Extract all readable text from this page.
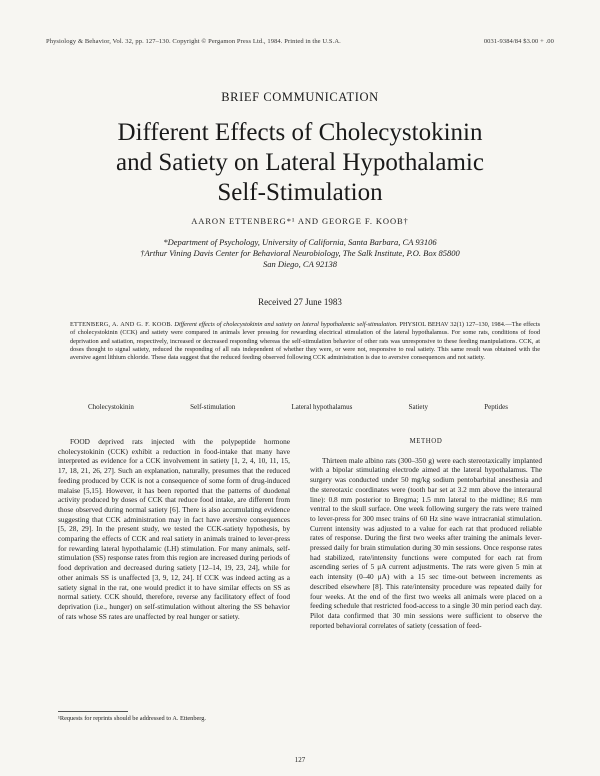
Physiology & Behavior, Vol. 32, pp. 127–130. Copyright © Pergamon Press Ltd., 1984. Printed in the U.S.A.	0031-9384/84 $3.00 + .00
BRIEF COMMUNICATION
Different Effects of Cholecystokinin
and Satiety on Lateral Hypothalamic
Self-Stimulation
AARON ETTENBERG*¹ AND GEORGE F. KOOB†
*Department of Psychology, University of California, Santa Barbara, CA 93106
†Arthur Vining Davis Center for Behavioral Neurobiology, The Salk Institute, P.O. Box 85800
San Diego, CA 92138
Received 27 June 1983
ETTENBERG, A. AND G. F. KOOB. Different effects of cholecystokinin and satiety on lateral hypothalamic self-stimulation. PHYSIOL BEHAV 32(1) 127–130, 1984.—The effects of cholecystokinin (CCK) and satiety were compared in animals lever pressing for rewarding electrical stimulation of the lateral hypothalamus. For some rats, conditions of food deprivation and satiation, respectively, increased or decreased responding whereas the self-stimulation behavior of other rats was unresponsive to these feeding manipulations. CCK, at doses thought to signal satiety, reduced the responding of all rats independent of whether they were, or were not, responsive to real satiety. This same result was obtained with the aversive agent lithium chloride. These data suggest that the reduced feeding observed following CCK administration is due to aversive consequences and not satiety.
Cholecystokinin	Self-stimulation	Lateral hypothalamus	Satiety	Peptides

FOOD deprived rats injected with the polypeptide hormone cholecystokinin (CCK) exhibit a reduction in food-intake that many have interpreted as evidence for a CCK involvement in satiety [1, 2, 4, 10, 11, 15, 17, 18, 21, 26, 27]. Such an explanation, naturally, presumes that the reduced feeding produced by CCK is not a consequence of some form of drug-induced malaise [5,15]. However, it has been reported that the patterns of duodenal activity produced by doses of CCK that reduce food intake, are different from those observed during normal satiety [6]. There is also accumulating evidence suggesting that CCK administration may in fact have aversive consequences [5, 28, 29]. In the present study, we tested the CCK-satiety hypothesis, by comparing the effects of CCK and real satiety in animals trained to lever-press for rewarding lateral hypothalamic (LH) stimulation. For many animals, self-stimulation (SS) response rates from this region are increased during periods of food deprivation and decreased during satiety [12–14, 19, 23, 24], while for other animals SS is unaffected [3, 9, 12, 24]. If CCK was indeed acting as a satiety signal in the rat, one would predict it to have similar effects on SS as normal satiety. CCK should, therefore, reverse any facilitatory effect of food deprivation (i.e., hunger) on self-stimulation without altering the SS behavior of rats whose SS rates are unaffected by real hunger or satiety.

METHOD

Thirteen male albino rats (300–350 g) were each stereotaxically implanted with a bipolar stimulating electrode aimed at the lateral hypothalamus. The surgery was conducted under 50 mg/kg sodium pentobarbital anesthesia and the stereotaxic coordinates were (tooth bar set at 3.2 mm above the interaural line): 0.8 mm posterior to Bregma; 1.5 mm lateral to the midline; 8.6 mm ventral to the skull surface. One week following surgery the rats were trained to lever-press for 300 msec trains of 60 Hz sine wave intracranial stimulation. Current intensity was adjusted to a value for each rat that produced reliable rates of response. During the first two weeks after training the animals lever-pressed daily for brain stimulation during 30 min sessions. Once response rates had stabilized, rate/intensity functions were computed for each rat from ascending series of 5 μA current adjustments. The rats were given 5 min at each intensity (0–40 μA) with a 15 sec time-out between increments as described elsewhere [8]. This rate/intensity procedure was repeated daily for four weeks. At the end of the first two weeks all animals were placed on a feeding schedule that restricted food-access to a single 30 min period each day. Pilot data confirmed that 30 min sessions were sufficient to observe the reported behavioral correlates of satiety (cessation of feed-

¹Requests for reprints should be addressed to A. Ettenberg.
127
